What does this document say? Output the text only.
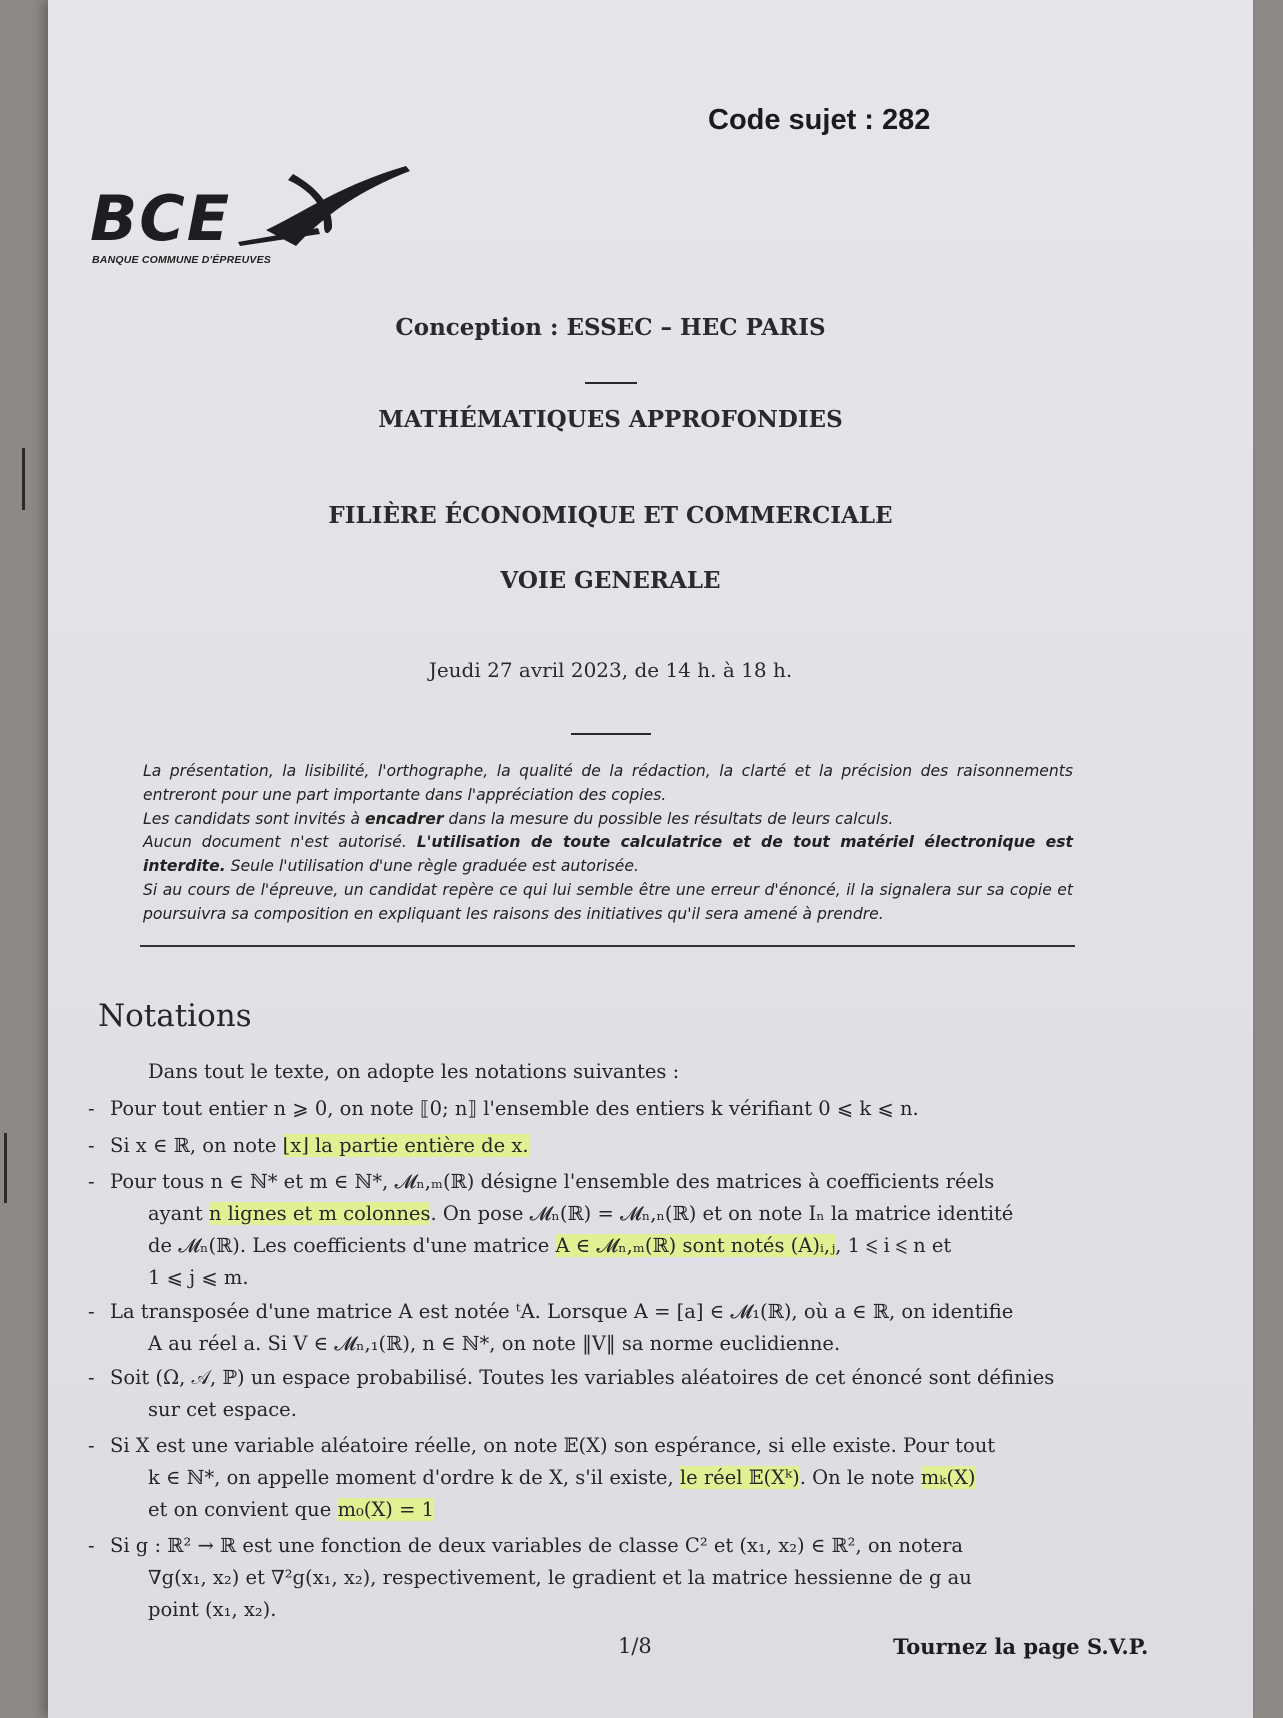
Code sujet : 282
BCE
BANQUE COMMUNE D'ÉPREUVES
Conception : ESSEC – HEC PARIS
MATHÉMATIQUES APPROFONDIES
FILIÈRE ÉCONOMIQUE ET COMMERCIALE
VOIE GENERALE
Jeudi 27 avril 2023, de 14 h. à 18 h.

La présentation, la lisibilité, l'orthographe, la qualité de la rédaction, la clarté et la précision des raisonnements entreront pour une part importante dans l'appréciation des copies.

Les candidats sont invités à encadrer dans la mesure du possible les résultats de leurs calculs.

Aucun document n'est autorisé. L'utilisation de toute calculatrice et de tout matériel électronique est interdite. Seule l'utilisation d'une règle graduée est autorisée.

Si au cours de l'épreuve, un candidat repère ce qui lui semble être une erreur d'énoncé, il la signalera sur sa copie et poursuivra sa composition en expliquant les raisons des initiatives qu'il sera amené à prendre.

Notations
Dans tout le texte, on adopte les notations suivantes :
- Pour tout entier n ⩾ 0, on note ⟦0; n⟧ l'ensemble des entiers k vérifiant 0 ⩽ k ⩽ n.
- Si x ∈ ℝ, on note ⌊x⌋ la partie entière de x.
- Pour tous n ∈ ℕ* et m ∈ ℕ*, 𝓜ₙ,ₘ(ℝ) désigne l'ensemble des matrices à coefficients réels
ayant n lignes et m colonnes. On pose 𝓜ₙ(ℝ) = 𝓜ₙ,ₙ(ℝ) et on note Iₙ la matrice identité
de 𝓜ₙ(ℝ). Les coefficients d'une matrice A ∈ 𝓜ₙ,ₘ(ℝ) sont notés (A)ᵢ,ⱼ, 1 ⩽ i ⩽ n et
1 ⩽ j ⩽ m.
- La transposée d'une matrice A est notée ᵗA. Lorsque A = [a] ∈ 𝓜₁(ℝ), où a ∈ ℝ, on identifie
A au réel a. Si V ∈ 𝓜ₙ,₁(ℝ), n ∈ ℕ*, on note ‖V‖ sa norme euclidienne.
- Soit (Ω, 𝒜, ℙ) un espace probabilisé. Toutes les variables aléatoires de cet énoncé sont définies
sur cet espace.
- Si X est une variable aléatoire réelle, on note 𝔼(X) son espérance, si elle existe. Pour tout
k ∈ ℕ*, on appelle moment d'ordre k de X, s'il existe, le réel 𝔼(Xᵏ). On le note mₖ(X)
et on convient que m₀(X) = 1
- Si g : ℝ² → ℝ est une fonction de deux variables de classe C² et (x₁, x₂) ∈ ℝ², on notera
∇g(x₁, x₂) et ∇²g(x₁, x₂), respectivement, le gradient et la matrice hessienne de g au
point (x₁, x₂).
1/8	Tournez la page S.V.P.
